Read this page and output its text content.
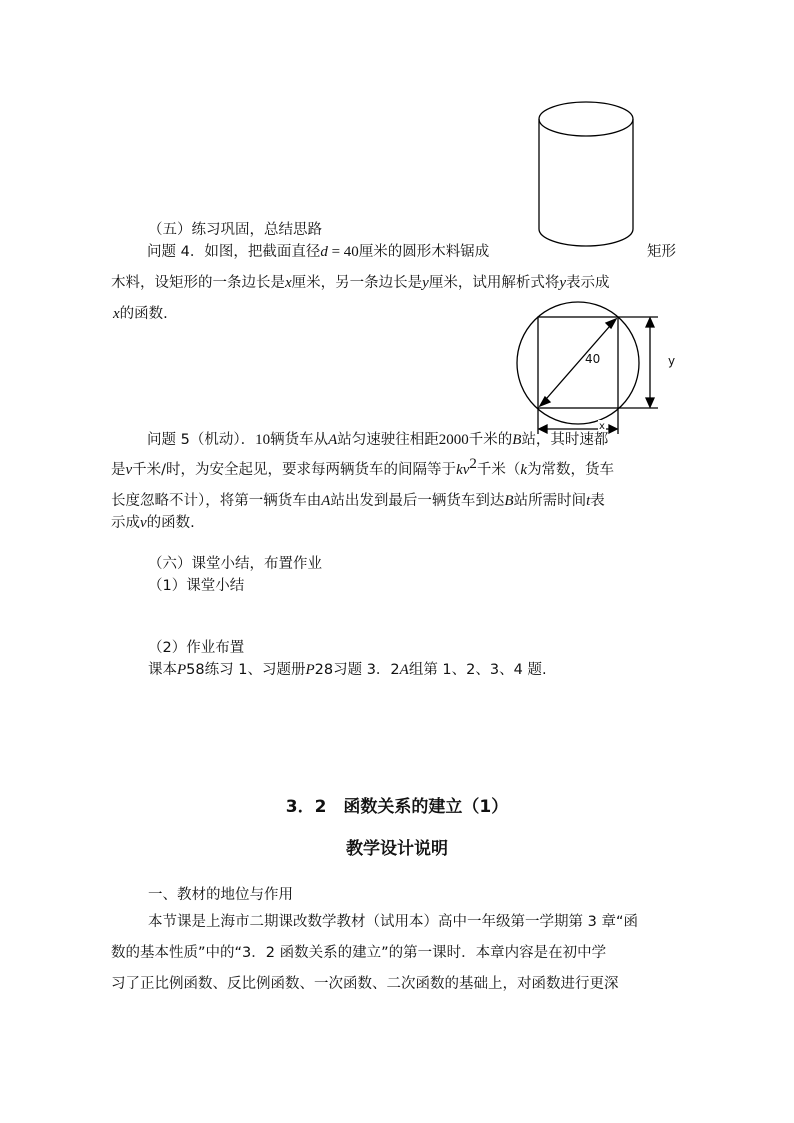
40	y
x
（五）练习巩固，总结思路
问题 4．如图，把截面直径d = 40厘米的圆形木料锯成	矩形
木料，设矩形的一条边长是x厘米，另一条边长是y厘米，试用解析式将y表示成
x的函数.
问题 5（机动）．10辆货车从A站匀速驶往相距2000千米的B站，其时速都
是v千米/时，为安全起见，要求每两辆货车的间隔等于$kv^2$千米（k为常数，货车
长度忽略不计），将第一辆货车由A站出发到最后一辆货车到达B站所需时间t表
示成v的函数.
（六）课堂小结，布置作业
（1）课堂小结
（2）作业布置
课本P58练习 1、习题册P28习题 3．2A组第 1、2、3、4 题.
3．2　函数关系的建立（1）
教学设计说明
一、教材的地位与作用
本节课是上海市二期课改数学教材（试用本）高中一年级第一学期第 3 章“函
数的基本性质”中的“3．2 函数关系的建立”的第一课时．本章内容是在初中学
习了正比例函数、反比例函数、一次函数、二次函数的基础上，对函数进行更深
